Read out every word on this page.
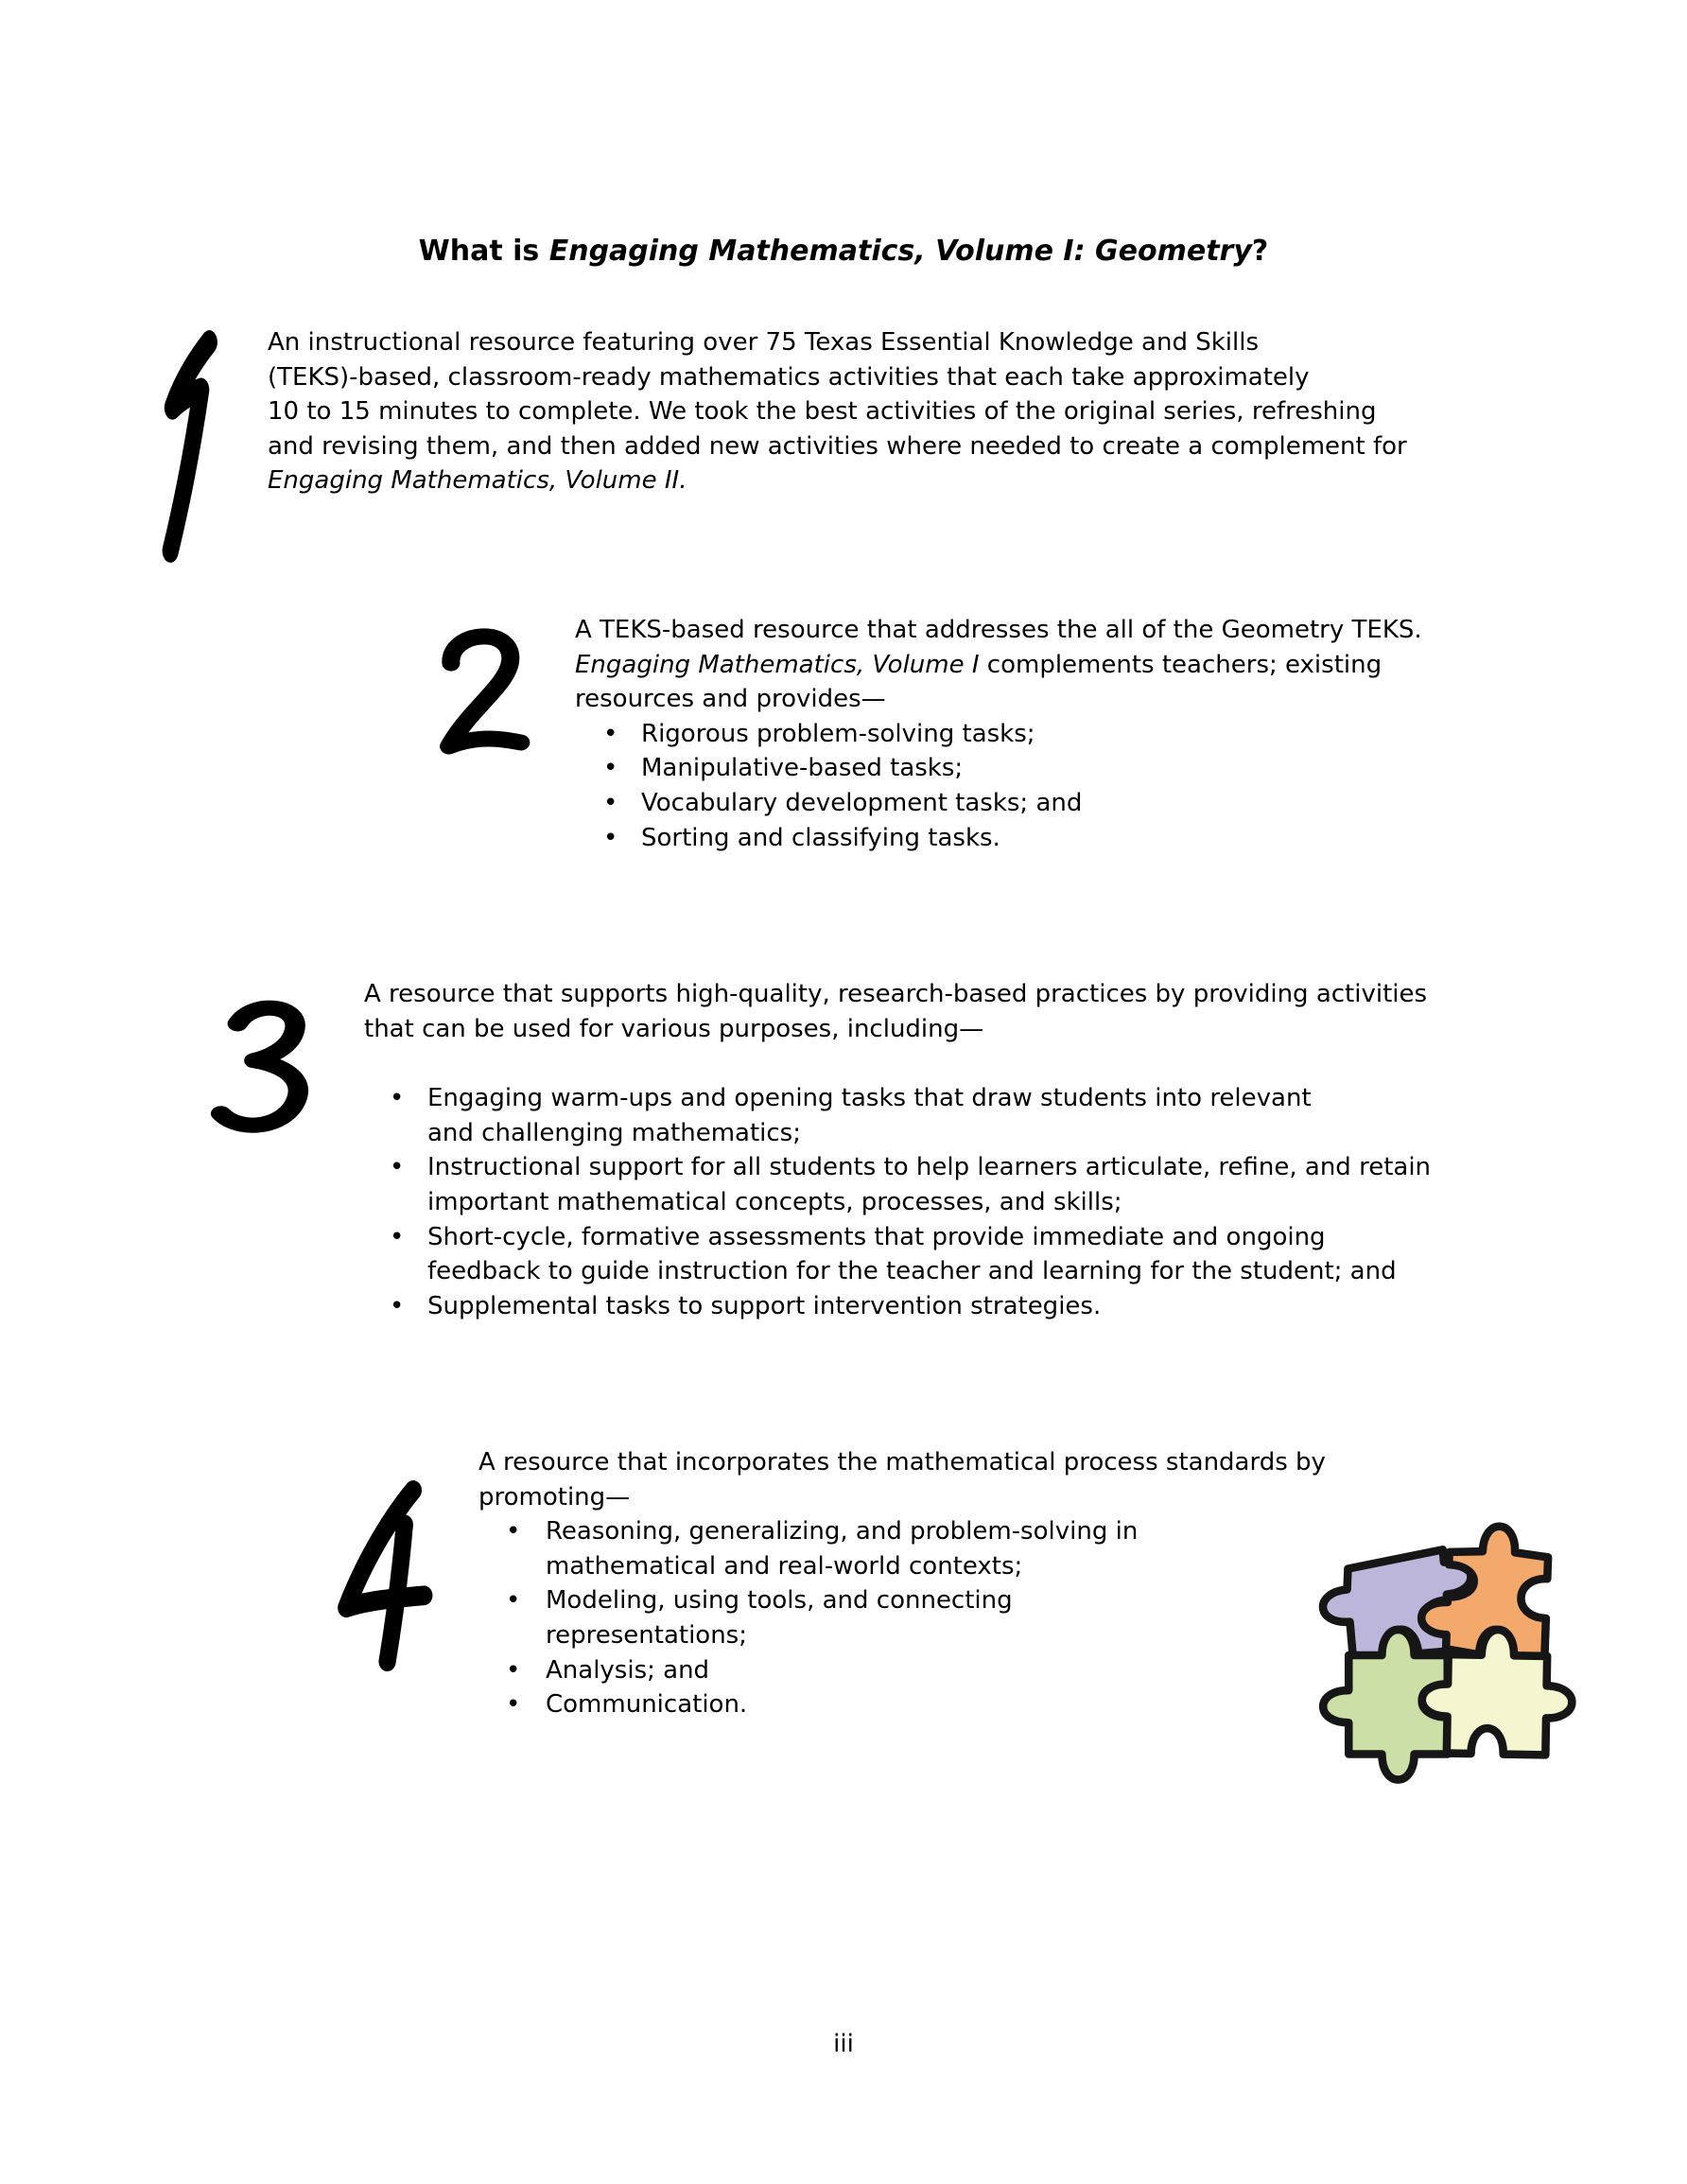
What is Engaging Mathematics, Volume I: Geometry?
An instructional resource featuring over 75 Texas Essential Knowledge and Skills
(TEKS)-based, classroom-ready mathematics activities that each take approximately
10 to 15 minutes to complete. We took the best activities of the original series, refreshing
and revising them, and then added new activities where needed to create a complement for
Engaging Mathematics, Volume II.
A TEKS-based resource that addresses the all of the Geometry TEKS.
Engaging Mathematics, Volume I complements teachers; existing
resources and provides—
• Rigorous problem-solving tasks;
• Manipulative-based tasks;
• Vocabulary development tasks; and
• Sorting and classifying tasks.
A resource that supports high-quality, research-based practices by providing activities
that can be used for various purposes, including—
• Engaging warm-ups and opening tasks that draw students into relevant
and challenging mathematics;
• Instructional support for all students to help learners articulate, refine, and retain
important mathematical concepts, processes, and skills;
• Short-cycle, formative assessments that provide immediate and ongoing
feedback to guide instruction for the teacher and learning for the student; and
• Supplemental tasks to support intervention strategies.
A resource that incorporates the mathematical process standards by
promoting—
• Reasoning, generalizing, and problem-solving in
mathematical and real-world contexts;
• Modeling, using tools, and connecting
representations;
• Analysis; and
• Communication.
iii
